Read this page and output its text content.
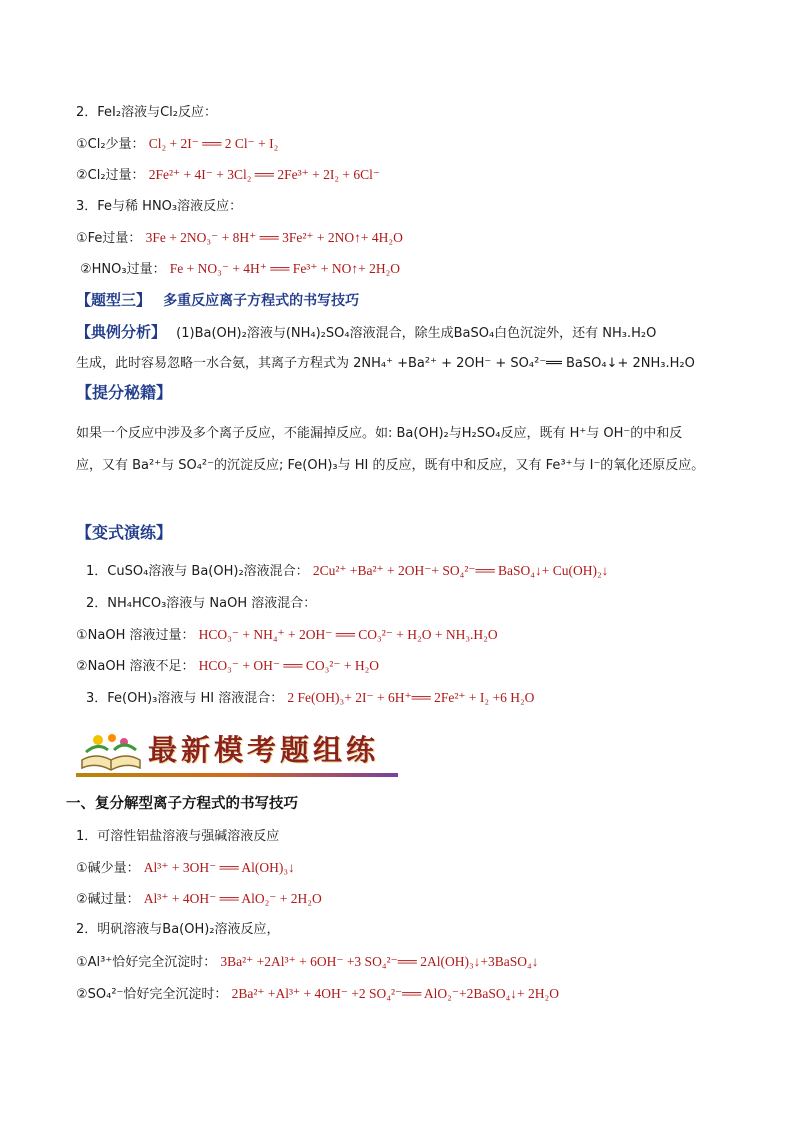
2．FeI₂溶液与Cl₂反应：
①Cl₂少量： Cl₂ + 2I⁻ ══ 2 Cl⁻ + I₂
②Cl₂过量： 2Fe²⁺ + 4I⁻ + 3Cl₂ ══ 2Fe³⁺ + 2I₂ + 6Cl⁻
3．Fe与稀 HNO₃溶液反应：
①Fe过量： 3Fe + 2NO₃⁻ + 8H⁺ ══ 3Fe²⁺ + 2NO↑+ 4H₂O
②HNO₃过量： Fe + NO₃⁻ + 4H⁺ ══ Fe³⁺ + NO↑+ 2H₂O
【题型三】 多重反应离子方程式的书写技巧
【典例分析】 (1)Ba(OH)₂溶液与(NH₄)₂SO₄溶液混合，除生成BaSO₄白色沉淀外，还有 NH₃.H₂O
生成，此时容易忽略一水合氨，其离子方程式为 2NH₄⁺ +Ba²⁺ + 2OH⁻ + SO₄²⁻══ BaSO₄↓+ 2NH₃.H₂O
【提分秘籍】
如果一个反应中涉及多个离子反应，不能漏掉反应。如: Ba(OH)₂与H₂SO₄反应，既有 H⁺与 OH⁻的中和反
应，又有 Ba²⁺与 SO₄²⁻的沉淀反应; Fe(OH)₃与 HI 的反应，既有中和反应，又有 Fe³⁺与 I⁻的氧化还原反应。
【变式演练】
1．CuSO₄溶液与 Ba(OH)₂溶液混合： 2Cu²⁺ +Ba²⁺ + 2OH⁻+ SO₄²⁻══ BaSO₄↓+ Cu(OH)₂↓
2．NH₄HCO₃溶液与 NaOH 溶液混合：
①NaOH 溶液过量： HCO₃⁻ + NH₄⁺ + 2OH⁻ ══ CO₃²⁻ + H₂O + NH₃.H₂O
②NaOH 溶液不足： HCO₃⁻ + OH⁻ ══ CO₃²⁻ + H₂O
3．Fe(OH)₃溶液与 HI 溶液混合： 2 Fe(OH)₃+ 2I⁻ + 6H⁺══ 2Fe²⁺ + I₂ +6 H₂O
最新模考题组练
一、复分解型离子方程式的书写技巧
1．可溶性铝盐溶液与强碱溶液反应
①碱少量： Al³⁺ + 3OH⁻ ══ Al(OH)₃↓
②碱过量： Al³⁺ + 4OH⁻ ══ AlO₂⁻ + 2H₂O
2．明矾溶液与Ba(OH)₂溶液反应，
①Al³⁺恰好完全沉淀时： 3Ba²⁺ +2Al³⁺ + 6OH⁻ +3 SO₄²⁻══ 2Al(OH)₃↓+3BaSO₄↓
②SO₄²⁻恰好完全沉淀时： 2Ba²⁺ +Al³⁺ + 4OH⁻ +2 SO₄²⁻══ AlO₂⁻+2BaSO₄↓+ 2H₂O
